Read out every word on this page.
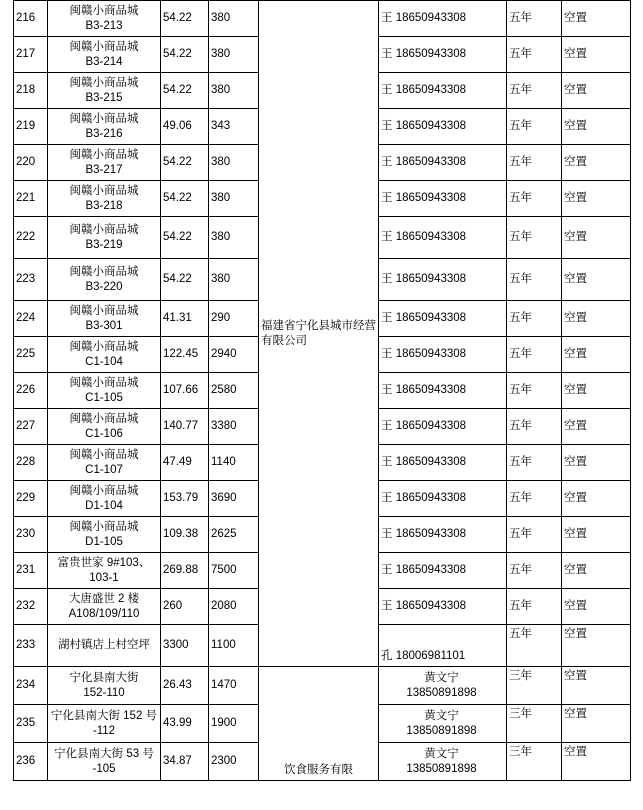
216	闽赣小商品城
B3-213	54.22	380	福建省宁化县城市经营有限公司	王 18650943308	五年	空置
217	闽赣小商品城
B3-214	54.22	380		王 18650943308	五年	空置
218	闽赣小商品城
B3-215	54.22	380		王 18650943308	五年	空置
219	闽赣小商品城
B3-216	49.06	343		王 18650943308	五年	空置
220	闽赣小商品城
B3-217	54.22	380		王 18650943308	五年	空置
221	闽赣小商品城
B3-218	54.22	380		王 18650943308	五年	空置
222	闽赣小商品城
B3-219	54.22	380		王 18650943308	五年	空置
223	闽赣小商品城
B3-220	54.22	380		王 18650943308	五年	空置
224	闽赣小商品城
B3-301	41.31	290		王 18650943308	五年	空置
225	闽赣小商品城
C1-104	122.45	2940		王 18650943308	五年	空置
226	闽赣小商品城
C1-105	107.66	2580		王 18650943308	五年	空置
227	闽赣小商品城
C1-106	140.77	3380		王 18650943308	五年	空置
228	闽赣小商品城
C1-107	47.49	1140		王 18650943308	五年	空置
229	闽赣小商品城
D1-104	153.79	3690		王 18650943308	五年	空置
230	闽赣小商品城
D1-105	109.38	2625		王 18650943308	五年	空置
231	富贵世家 9#103、
103-1	269.88	7500		王 18650943308	五年	空置
232	大唐盛世 2 楼
A108/109/110	260	2080		王 18650943308	五年	空置
233	湖村镇店上村空坪	3300	1100		孔 18006981101	五年	空置
234	宁化县南大街
152-110	26.43	1470	饮食服务有限	黄文宁
13850891898	三年	空置
235	宁化县南大街 152 号
-112	43.99	1900		黄文宁
13850891898	三年	空置
236	宁化县南大街 53 号
-105	34.87	2300		黄文宁
13850891898	三年	空置
